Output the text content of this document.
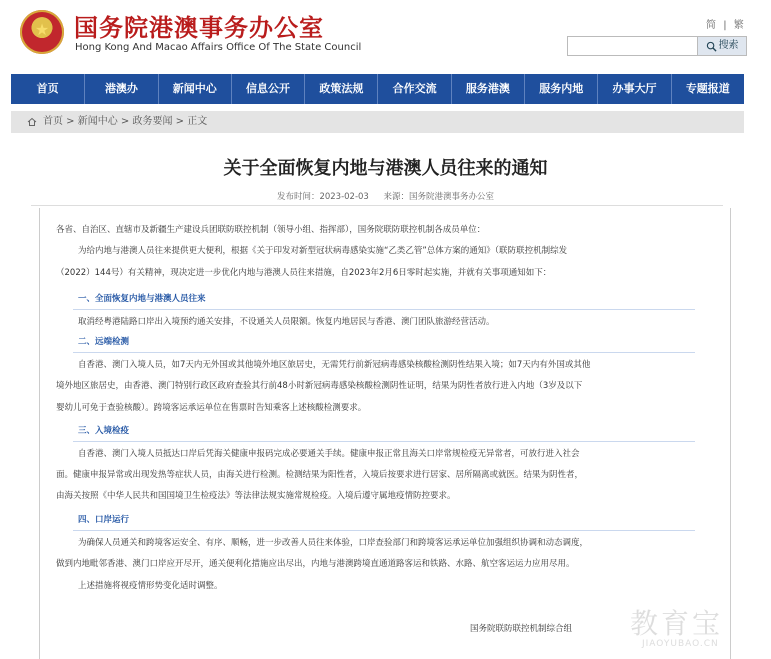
★	国务院港澳事务办公室
Hong Kong And Macao Affairs Office Of The State Council
简 | 繁
搜索
首页	港澳办	新闻中心	信息公开	政策法规	合作交流	服务港澳	服务内地	办事大厅	专题报道
首页 > 新闻中心 > 政务要闻 > 正文
关于全面恢复内地与港澳人员往来的通知
发布时间：2023-02-03 来源：国务院港澳事务办公室
各省、自治区、直辖市及新疆生产建设兵团联防联控机制（领导小组、指挥部），国务院联防联控机制各成员单位：
为给内地与港澳人员往来提供更大便利，根据《关于印发对新型冠状病毒感染实施“乙类乙管”总体方案的通知》（联防联控机制综发
（2022）144号）有关精神，现决定进一步优化内地与港澳人员往来措施，自2023年2月6日零时起实施，并就有关事项通知如下：
一、全面恢复内地与港澳人员往来
取消经粤港陆路口岸出入境预约通关安排，不设通关人员限额。恢复内地居民与香港、澳门团队旅游经营活动。
二、远端检测
自香港、澳门入境人员，如7天内无外国或其他境外地区旅居史，无需凭行前新冠病毒感染核酸检测阴性结果入境；如7天内有外国或其他
境外地区旅居史，由香港、澳门特别行政区政府查验其行前48小时新冠病毒感染核酸检测阴性证明，结果为阴性者放行进入内地（3岁及以下
婴幼儿可免于查验核酸）。跨境客运承运单位在售票时告知乘客上述核酸检测要求。
三、入境检疫
自香港、澳门入境人员抵达口岸后凭海关健康申报码完成必要通关手续。健康申报正常且海关口岸常规检疫无异常者，可放行进入社会
面。健康申报异常或出现发热等症状人员，由海关进行检测。检测结果为阳性者，入境后按要求进行居家、居所隔离或就医。结果为阴性者，
由海关按照《中华人民共和国国境卫生检疫法》等法律法规实施常规检疫。入境后遵守属地疫情防控要求。
四、口岸运行
为确保人员通关和跨境客运安全、有序、顺畅，进一步改善人员往来体验，口岸查验部门和跨境客运承运单位加强组织协调和动态调度，
做到内地毗邻香港、澳门口岸应开尽开，通关便利化措施应出尽出，内地与港澳跨境直通道路客运和铁路、水路、航空客运运力应用尽用。
上述措施将视疫情形势变化适时调整。
国务院联防联控机制综合组	教育宝
JIAOYUBAO.CN
